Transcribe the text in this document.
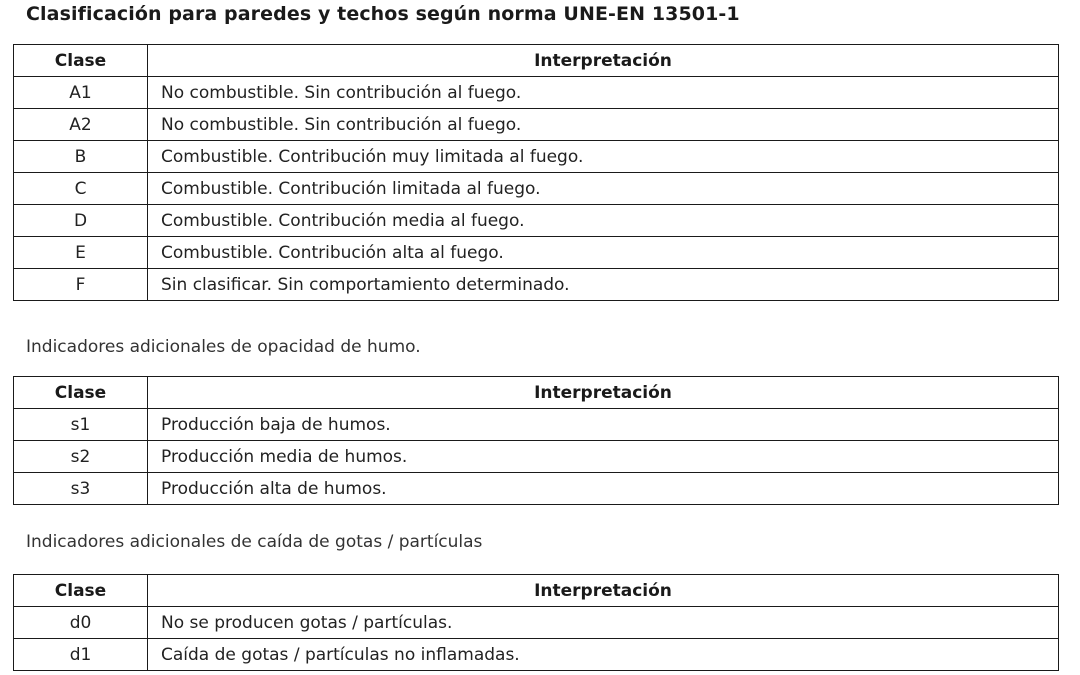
Clasificación para paredes y techos según norma UNE-EN 13501-1
Clase	Interpretación
A1	No combustible. Sin contribución al fuego.
A2	No combustible. Sin contribución al fuego.
B	Combustible. Contribución muy limitada al fuego.
C	Combustible. Contribución limitada al fuego.
D	Combustible. Contribución media al fuego.
E	Combustible. Contribución alta al fuego.
F	Sin clasificar. Sin comportamiento determinado.
Indicadores adicionales de opacidad de humo.
Clase	Interpretación
s1	Producción baja de humos.
s2	Producción media de humos.
s3	Producción alta de humos.
Indicadores adicionales de caída de gotas / partículas
Clase	Interpretación
d0	No se producen gotas / partículas.
d1	Caída de gotas / partículas no inflamadas.
